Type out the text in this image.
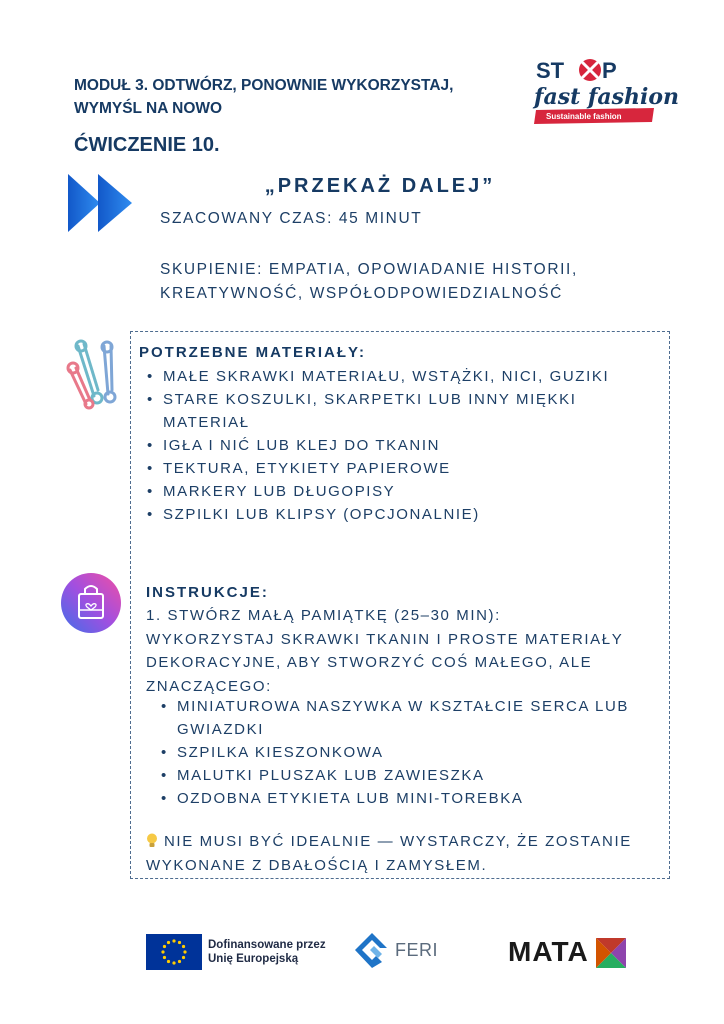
MODUŁ 3. ODTWÓRZ, PONOWNIE WYKORZYSTAJ,
WYMYŚL NA NOWO
ĆWICZENIE 10.
ST P
fast fashion
Sustainable fashion
„PRZEKAŻ DALEJ”
SZACOWANY CZAS: 45 MINUT
SKUPIENIE: EMPATIA, OPOWIADANIE HISTORII,
KREATYWNOŚĆ, WSPÓŁODPOWIEDZIALNOŚĆ
POTRZEBNE MATERIAŁY:
• MAŁE SKRAWKI MATERIAŁU, WSTĄŻKI, NICI, GUZIKI
• STARE KOSZULKI, SKARPETKI LUB INNY MIĘKKI MATERIAŁ
• IGŁA I NIĆ LUB KLEJ DO TKANIN
• TEKTURA, ETYKIETY PAPIEROWE
• MARKERY LUB DŁUGOPISY
• SZPILKI LUB KLIPSY (OPCJONALNIE)
INSTRUKCJE:
1. STWÓRZ MAŁĄ PAMIĄTKĘ (25–30 MIN):
WYKORZYSTAJ SKRAWKI TKANIN I PROSTE MATERIAŁY DEKORACYJNE, ABY STWORZYĆ COŚ MAŁEGO, ALE ZNACZĄCEGO:
• MINIATUROWA NASZYWKA W KSZTAŁCIE SERCA LUB GWIAZDKI
• SZPILKA KIESZONKOWA
• MALUTKI PLUSZAK LUB ZAWIESZKA
• OZDOBNA ETYKIETA LUB MINI-TOREBKA
NIE MUSI BYĆ IDEALNIE — WYSTARCZY, ŻE ZOSTANIE WYKONANE Z DBAŁOŚCIĄ I ZAMYSŁEM.
Dofinansowane przez
Unię Europejską	FERI MATA
